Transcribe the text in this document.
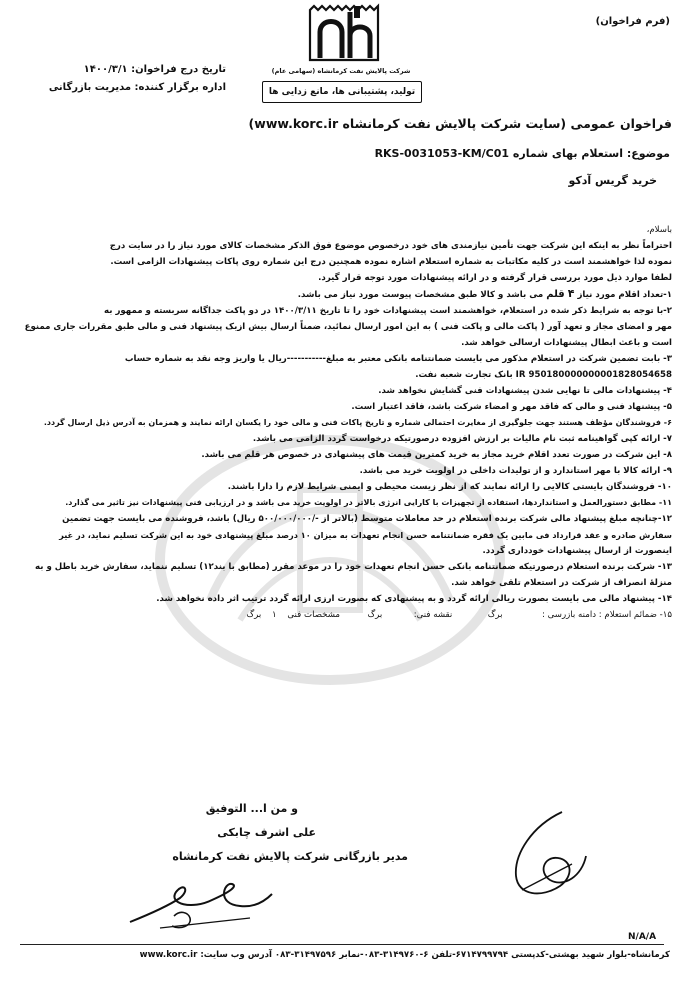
(فرم فراخوان)
شرکت پالایش نفت کرمانشاه (سهامی عام)
تولید، پشتیبانی ها، مانع زدایی ها
تاریخ درج فراخوان: ۱۴۰۰/۳/۱
اداره برگزار کننده: مدیریت بازرگانی
فراخوان عمومی (سایت شرکت پالایش نفت کرمانشاه www.korc.ir)
موضوع: استعلام بهای شماره RKS-0031053-KM/C01
خرید گریس آدکو
باسلام،
احتراماً نظر به اینکه این شرکت جهت تأمین نیازمندی های خود درخصوص موضوع فوق الذکر مشخصات کالای مورد نیاز را در سایت درج
نموده لذا خواهشمند است در کلیه مکاتبات به شماره استعلام اشاره نموده همچنین درج این شماره روی پاکات پیشنهادات الزامی است.
لطفا موارد ذیل مورد بررسی قرار گرفته و در ارائه پیشنهادات مورد توجه قرار گیرد.
۱-تعداد اقلام مورد نیاز ۴ قلم می باشد و کالا طبق مشخصات پیوست مورد نیاز می باشد.
۲-با توجه به شرایط ذکر شده در استعلام، خواهشمند است پیشنهادات خود را تا تاریخ ۱۴۰۰/۳/۱۱ در دو پاکت جداگانه سربسته و ممهور به
مهر و امضای مجاز و تعهد آور ( پاکت مالی و پاکت فنی ) به این امور ارسال نمائید، ضمناً ارسال بیش ازیک پیشنهاد فنی و مالی طبق مقررات جاری ممنوع
است و باعث ابطال پیشنهادات ارسالی خواهد شد.
۳- بابت تضمین شرکت در استعلام مذکور می بایست ضمانتنامه بانکی معتبر به مبلغ-----------ریال یا واریز وجه نقد به شماره حساب
IR 950180000000001828054658 بانک تجارت شعبه نفت.
۴- پیشنهادات مالی تا نهایی شدن پیشنهادات فنی گشایش نخواهد شد.
۵- پیشنهاد فنی و مالی که فاقد مهر و امضاء شرکت باشد، فاقد اعتبار است.
۶- فروشندگان مؤظف هستند جهت جلوگیری از مغایرت احتمالی شماره و تاریخ پاکات فنی و مالی خود را یکسان ارائه نمایند و همزمان به آدرس ذیل ارسال گردد.
۷- ارائه کپی گواهینامه ثبت نام مالیات بر ارزش افزوده درصورتیکه درخواست گردد الزامی می باشد.
۸- این شرکت در صورت تعدد اقلام خرید مجاز به خرید کمترین قیمت های پیشنهادی در خصوص هر قلم می باشد.
۹- ارائه کالا با مهر استاندارد و از تولیدات داخلی در اولویت خرید می باشد.
۱۰- فروشندگان بایستی کالایی را ارائه نمایند که از نظر زیست محیطی و ایمنی شرایط لازم را دارا باشند.
۱۱- مطابق دستورالعمل و استانداردها، استفاده از تجهیزات با کارایی انرژی بالاتر در اولویت خرید می باشد و در ارزیابی فنی پیشنهادات نیز تاثیر می گذارد.
۱۲-چنانچه مبلغ پیشنهاد مالی شرکت برنده استعلام در حد معاملات متوسط (بالاتر از -/۵۰۰/۰۰۰/۰۰۰ ریال) باشد، فروشنده می بایست جهت تضمین
سفارش صادره و عقد قرارداد فی مابین یک فقره ضمانتنامه حسن انجام تعهدات به میزان ۱۰ درصد مبلغ پیشنهادی خود به این شرکت تسلیم نماید، در غیر
اینصورت از ارسال پیشنهادات خودداری گردد.
۱۳- شرکت برنده استعلام درصورتیکه ضمانتنامه بانکی حسن انجام تعهدات خود را در موعد مقرر (مطابق با بند۱۲) تسلیم ننماید، سفارش خرید باطل و به
منزلهٔ انصراف از شرکت در استعلام تلقی خواهد شد.
۱۴- پیشنهاد مالی می بایست بصورت ریالی ارائه گردد و به پیشنهادی که بصورت ارزی ارائه گردد ترتیب اثر داده نخواهد شد.
۱۵- ضمائم استعلام : دامنه بازرسی :  برگ  نقشه فنی:  برگ  مشخصات فنی ۱ برگ
و من ا... التوفیق
علی اشرف چابکی
مدیر بازرگانی شرکت پالایش نفت کرمانشاه
N/A/A
کرمانشاه-بلوار شهید بهشتی-کدپستی ۶۷۱۴۷۹۹۷۹۴-تلفن ۶-۳۱۴۹۷۶۰-۰۸۳-نمابر ۳۱۴۹۷۵۹۶-۰۸۳ آدرس وب سایت: www.korc.ir
